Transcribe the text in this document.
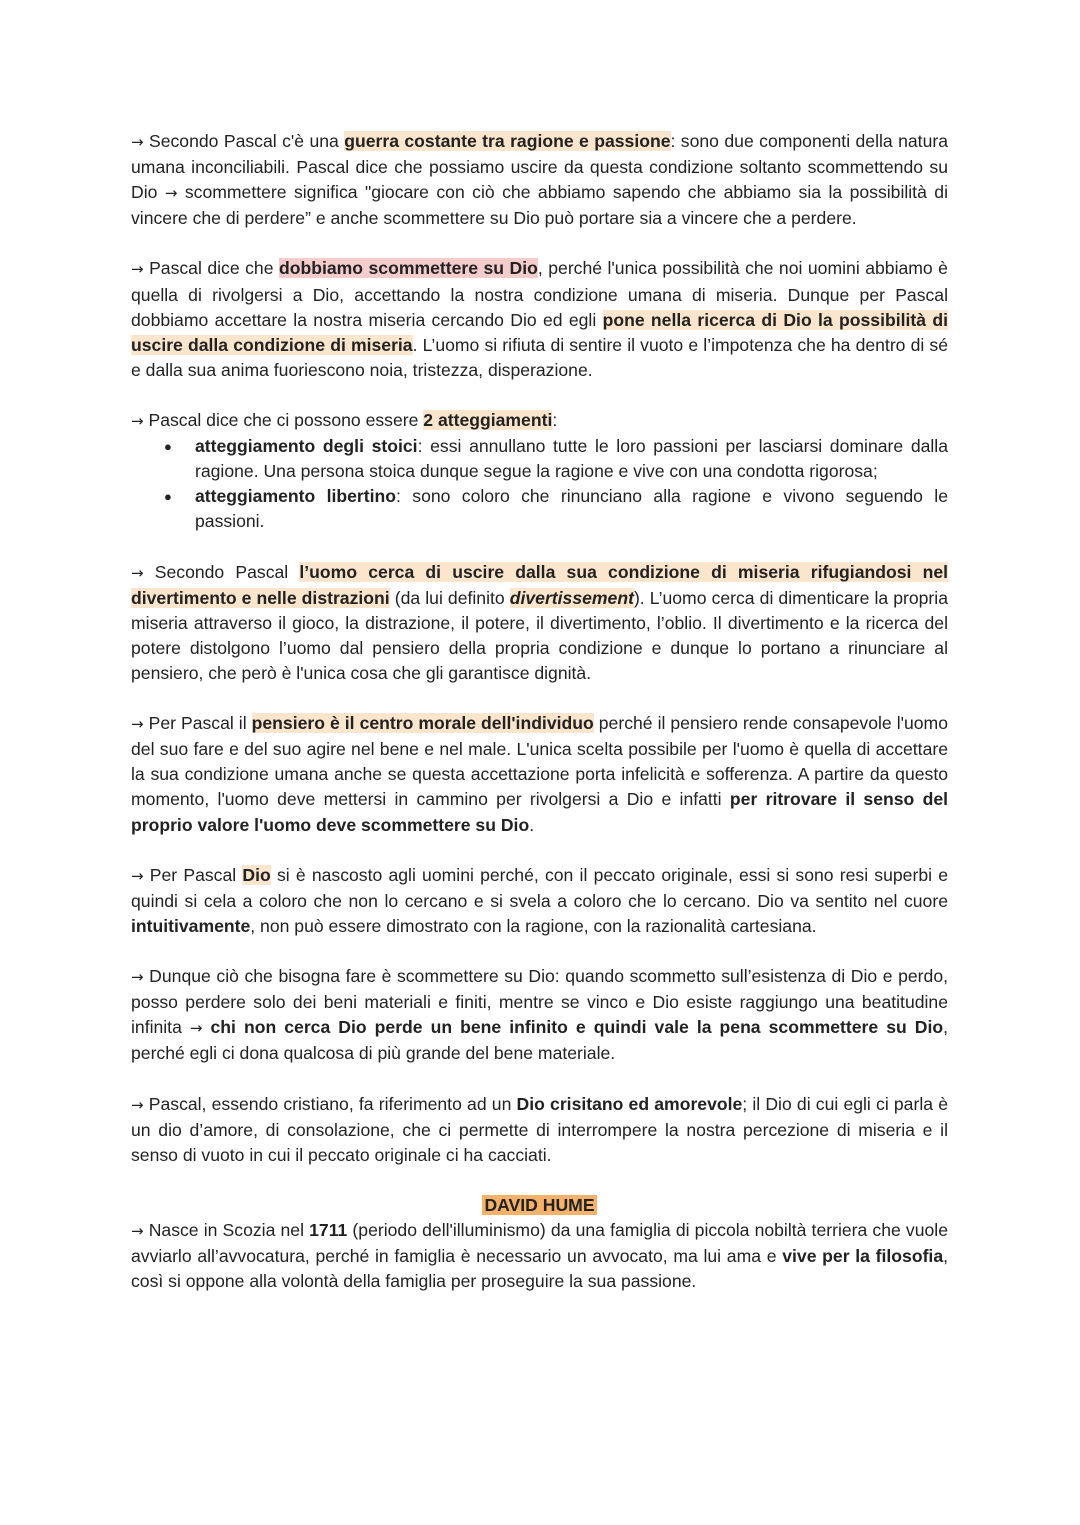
→ Secondo Pascal c'è una guerra costante tra ragione e passione: sono due componenti della natura umana inconciliabili. Pascal dice che possiamo uscire da questa condizione soltanto scommettendo su Dio → scommettere significa "giocare con ciò che abbiamo sapendo che abbiamo sia la possibilità di vincere che di perdere” e anche scommettere su Dio può portare sia a vincere che a perdere.

→ Pascal dice che dobbiamo scommettere su Dio, perché l'unica possibilità che noi uomini abbiamo è quella di rivolgersi a Dio, accettando la nostra condizione umana di miseria. Dunque per Pascal dobbiamo accettare la nostra miseria cercando Dio ed egli pone nella ricerca di Dio la possibilità di uscire dalla condizione di miseria. L’uomo si rifiuta di sentire il vuoto e l’impotenza che ha dentro di sé e dalla sua anima fuoriescono noia, tristezza, disperazione.

→ Pascal dice che ci possono essere 2 atteggiamenti:

● atteggiamento degli stoici: essi annullano tutte le loro passioni per lasciarsi dominare dalla ragione. Una persona stoica dunque segue la ragione e vive con una condotta rigorosa;
● atteggiamento libertino: sono coloro che rinunciano alla ragione e vivono seguendo le passioni.

→ Secondo Pascal l’uomo cerca di uscire dalla sua condizione di miseria rifugiandosi nel divertimento e nelle distrazioni (da lui definito divertissement). L’uomo cerca di dimenticare la propria miseria attraverso il gioco, la distrazione, il potere, il divertimento, l’oblio. Il divertimento e la ricerca del potere distolgono l’uomo dal pensiero della propria condizione e dunque lo portano a rinunciare al pensiero, che però è l'unica cosa che gli garantisce dignità.

→ Per Pascal il pensiero è il centro morale dell'individuo perché il pensiero rende consapevole l'uomo del suo fare e del suo agire nel bene e nel male. L'unica scelta possibile per l'uomo è quella di accettare la sua condizione umana anche se questa accettazione porta infelicità e sofferenza. A partire da questo momento, l'uomo deve mettersi in cammino per rivolgersi a Dio e infatti per ritrovare il senso del proprio valore l'uomo deve scommettere su Dio.

→ Per Pascal Dio si è nascosto agli uomini perché, con il peccato originale, essi si sono resi superbi e quindi si cela a coloro che non lo cercano e si svela a coloro che lo cercano. Dio va sentito nel cuore intuitivamente, non può essere dimostrato con la ragione, con la razionalità cartesiana.

→ Dunque ciò che bisogna fare è scommettere su Dio: quando scommetto sull’esistenza di Dio e perdo, posso perdere solo dei beni materiali e finiti, mentre se vinco e Dio esiste raggiungo una beatitudine infinita → chi non cerca Dio perde un bene infinito e quindi vale la pena scommettere su Dio, perché egli ci dona qualcosa di più grande del bene materiale.

→ Pascal, essendo cristiano, fa riferimento ad un Dio crisitano ed amorevole; il Dio di cui egli ci parla è un dio d’amore, di consolazione, che ci permette di interrompere la nostra percezione di miseria e il senso di vuoto in cui il peccato originale ci ha cacciati.

DAVID HUME

→ Nasce in Scozia nel 1711 (periodo dell'illuminismo) da una famiglia di piccola nobiltà terriera che vuole avviarlo all’avvocatura, perché in famiglia è necessario un avvocato, ma lui ama e vive per la filosofia, così si oppone alla volontà della famiglia per proseguire la sua passione.
